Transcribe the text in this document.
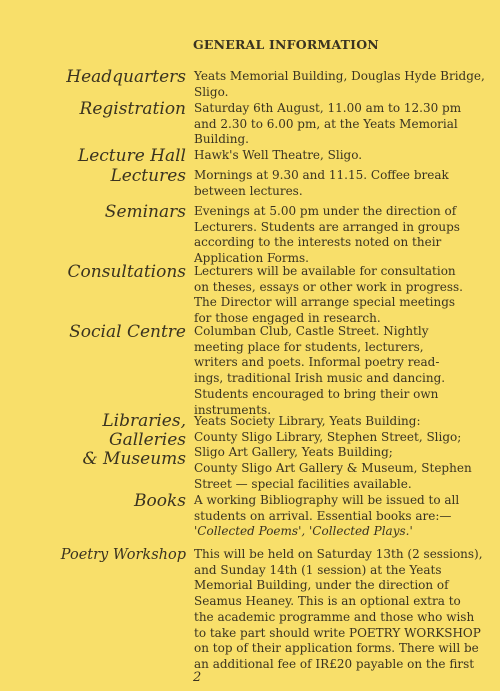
GENERAL INFORMATION
Headquarters Yeats Memorial Building, Douglas Hyde Bridge,
Sligo.
Registration Saturday 6th August, 11.00 am to 12.30 pm
and 2.30 to 6.00 pm, at the Yeats Memorial
Building.
Lecture Hall Hawk's Well Theatre, Sligo.
Lectures Mornings at 9.30 and 11.15. Coffee break
between lectures.
Seminars Evenings at 5.00 pm under the direction of
Lecturers. Students are arranged in groups
according to the interests noted on their
Application Forms.
Consultations Lecturers will be available for consultation
on theses, essays or other work in progress.
The Director will arrange special meetings
for those engaged in research.
Social Centre Columban Club, Castle Street. Nightly
meeting place for students, lecturers,
writers and poets. Informal poetry read-
ings, traditional Irish music and dancing.
Students encouraged to bring their own
instruments.
Libraries,
Galleries
& Museums
Yeats Society Library, Yeats Building:
County Sligo Library, Stephen Street, Sligo;
Sligo Art Gallery, Yeats Building;
County Sligo Art Gallery & Museum, Stephen
Street — special facilities available.
Books A working Bibliography will be issued to all
students on arrival. Essential books are:—
'Collected Poems', 'Collected Plays.'
Poetry Workshop This will be held on Saturday 13th (2 sessions),
and Sunday 14th (1 session) at the Yeats
Memorial Building, under the direction of
Seamus Heaney. This is an optional extra to
the academic programme and those who wish
to take part should write POETRY WORKSHOP
on top of their application forms. There will be
an additional fee of IR£20 payable on the first
2
